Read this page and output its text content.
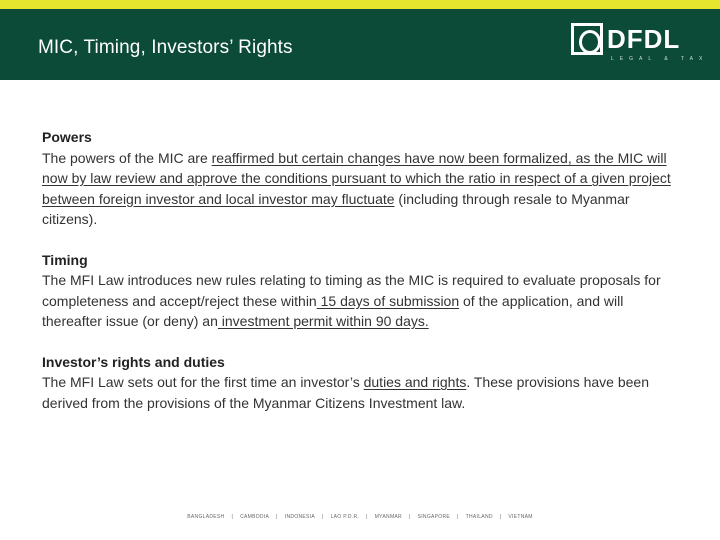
MIC, Timing, Investors’ Rights	DFDL
LEGAL & TAX
Powers
The powers of the MIC are reaffirmed but certain changes have now been formalized, as the MIC will now by law review and approve the conditions pursuant to which the ratio in respect of a given project between foreign investor and local investor may fluctuate (including through resale to Myanmar citizens).
Timing
The MFI Law introduces new rules relating to timing as the MIC is required to evaluate proposals for completeness and accept/reject these within 15 days of submission of the application, and will thereafter issue (or deny) an investment permit within 90 days.
Investor’s rights and duties
The MFI Law sets out for the first time an investor’s duties and rights. These provisions have been derived from the provisions of the Myanmar Citizens Investment law.
BANGLADESH | CAMBODIA | INDONESIA | LAO P.D.R. | MYANMAR | SINGAPORE | THAILAND | VIETNAM
